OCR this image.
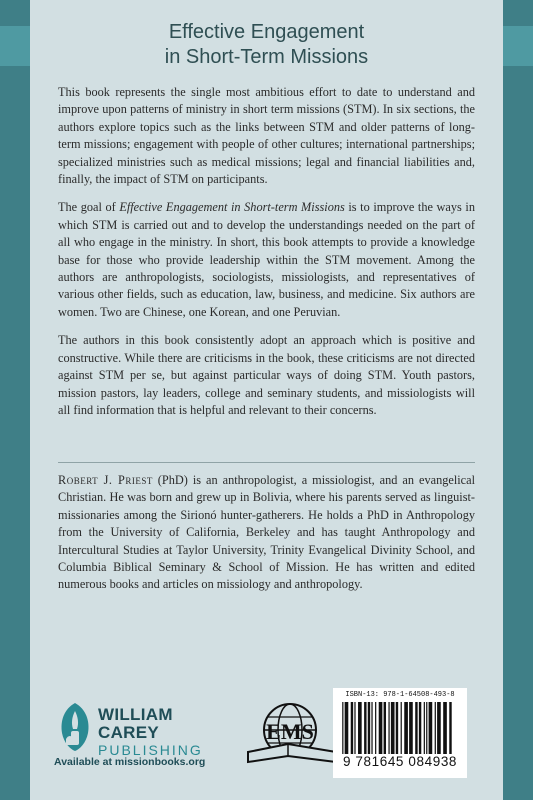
Effective Engagement
in Short-Term Missions

This book represents the single most ambitious effort to date to understand and improve upon patterns of ministry in short term missions (STM). In six sections, the authors explore topics such as the links between STM and older patterns of long-term missions; engagement with people of other cultures; international partnerships; specialized ministries such as medical missions; legal and financial liabilities and, finally, the impact of STM on participants.

The goal of Effective Engagement in Short-term Missions is to improve the ways in which STM is carried out and to develop the understandings needed on the part of all who engage in the ministry. In short, this book attempts to provide a knowledge base for those who provide leadership within the STM movement. Among the authors are anthropologists, sociologists, missiologists, and representatives of various other fields, such as education, law, business, and medicine. Six authors are women. Two are Chinese, one Korean, and one Peruvian.

The authors in this book consistently adopt an approach which is positive and constructive. While there are criticisms in the book, these criticisms are not directed against STM per se, but against particular ways of doing STM. Youth pastors, mission pastors, lay leaders, college and seminary students, and missiologists will all find information that is helpful and relevant to their concerns.

Robert J. Priest (PhD) is an anthropologist, a missiologist, and an evangelical Christian. He was born and grew up in Bolivia, where his parents served as linguist-missionaries among the Sirionó hunter-gatherers. He holds a PhD in Anthropology from the University of California, Berkeley and has taught Anthropology and Intercultural Studies at Taylor University, Trinity Evangelical Divinity School, and Columbia Biblical Seminary & School of Mission. He has written and edited numerous books and articles on missiology and anthropology.
WILLIAM
CAREY
PUBLISHING
Available at missionbooks.org
EMS
ISBN-13: 978-1-64508-493-8
9 781645 084938
